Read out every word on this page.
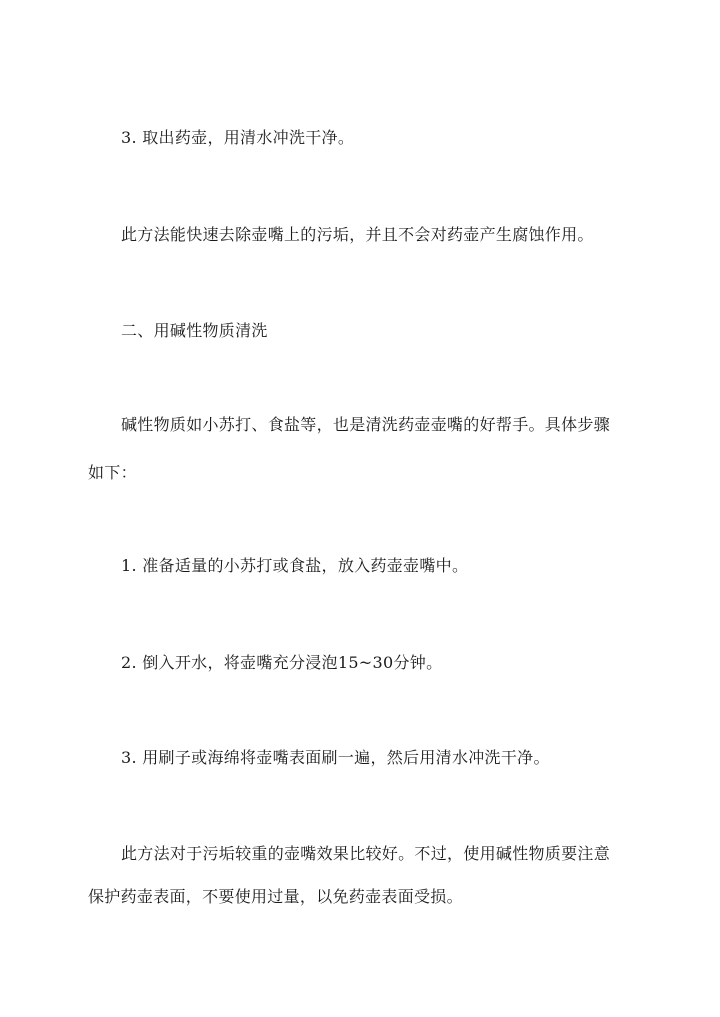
3. 取出药壶，用清水冲洗干净。
此方法能快速去除壶嘴上的污垢，并且不会对药壶产生腐蚀作用。
二、用碱性物质清洗
碱性物质如小苏打、食盐等，也是清洗药壶壶嘴的好帮手。具体步骤
如下：
1. 准备适量的小苏打或食盐，放入药壶壶嘴中。
2. 倒入开水，将壶嘴充分浸泡15~30分钟。
3. 用刷子或海绵将壶嘴表面刷一遍，然后用清水冲洗干净。
此方法对于污垢较重的壶嘴效果比较好。不过，使用碱性物质要注意
保护药壶表面，不要使用过量，以免药壶表面受损。
